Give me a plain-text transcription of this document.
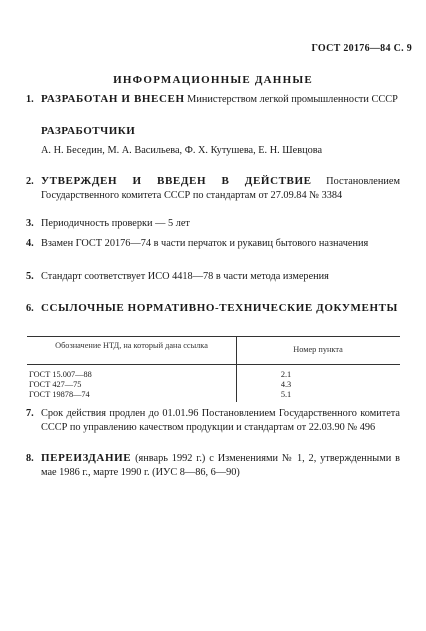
ГОСТ 20176—84 С. 9
ИНФОРМАЦИОННЫЕ ДАННЫЕ
1. РАЗРАБОТАН И ВНЕСЕН Министерством легкой промышленности СССР
РАЗРАБОТЧИКИ
А. Н. Беседин, М. А. Васильева, Ф. Х. Кутушева, Е. Н. Шевцова
2. УТВЕРЖДЕН И ВВЕДЕН В ДЕЙСТВИЕ Постановлением Государственного комитета СССР по стандартам от 27.09.84 № 3384
3. Периодичность проверки — 5 лет
4. Взамен ГОСТ 20176—74 в части перчаток и рукавиц бытового назначения
5. Стандарт соответствует ИСО 4418—78 в части метода измерения
6. ССЫЛОЧНЫЕ НОРМАТИВНО-ТЕХНИЧЕСКИЕ ДОКУМЕНТЫ
Обозначение НТД, на который дана ссылка	Номер пункта
ГОСТ 15.007—88	2.1
ГОСТ 427—75	4.3
ГОСТ 19878—74	5.1
7. Срок действия продлен до 01.01.96 Постановлением Государственного комитета СССР по управлению качеством продукции и стандартам от 22.03.90 № 496
8. ПЕРЕИЗДАНИЕ (январь 1992 г.) с Изменениями № 1, 2, утвержденными в мае 1986 г., марте 1990 г. (ИУС 8—86, 6—90)
